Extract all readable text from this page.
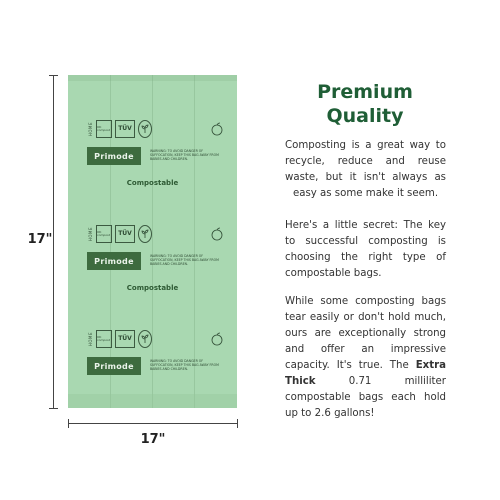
17"
HOME OK compost TÜV
Primode
WARNING: TO AVOID DANGER OF SUFFOCATION, KEEP THIS BAG AWAY FROM BABIES AND CHILDREN.
Compostable
HOME OK compost TÜV
Primode
WARNING: TO AVOID DANGER OF SUFFOCATION, KEEP THIS BAG AWAY FROM BABIES AND CHILDREN.
Compostable
HOME OK compost TÜV
Primode
WARNING: TO AVOID DANGER OF SUFFOCATION, KEEP THIS BAG AWAY FROM BABIES AND CHILDREN.
17"
Premium
Quality
Composting is a great way to recycle, reduce and reuse waste, but it isn't always as easy as some make it seem.
Here's a little secret: The key to successful composting is choosing the right type of compostable bags.
While some composting bags tear easily or don't hold much, ours are exceptionally strong and offer an impressive capacity. It's true. The Extra Thick 0.71 milliliter compostable bags each hold up to 2.6 gallons!
